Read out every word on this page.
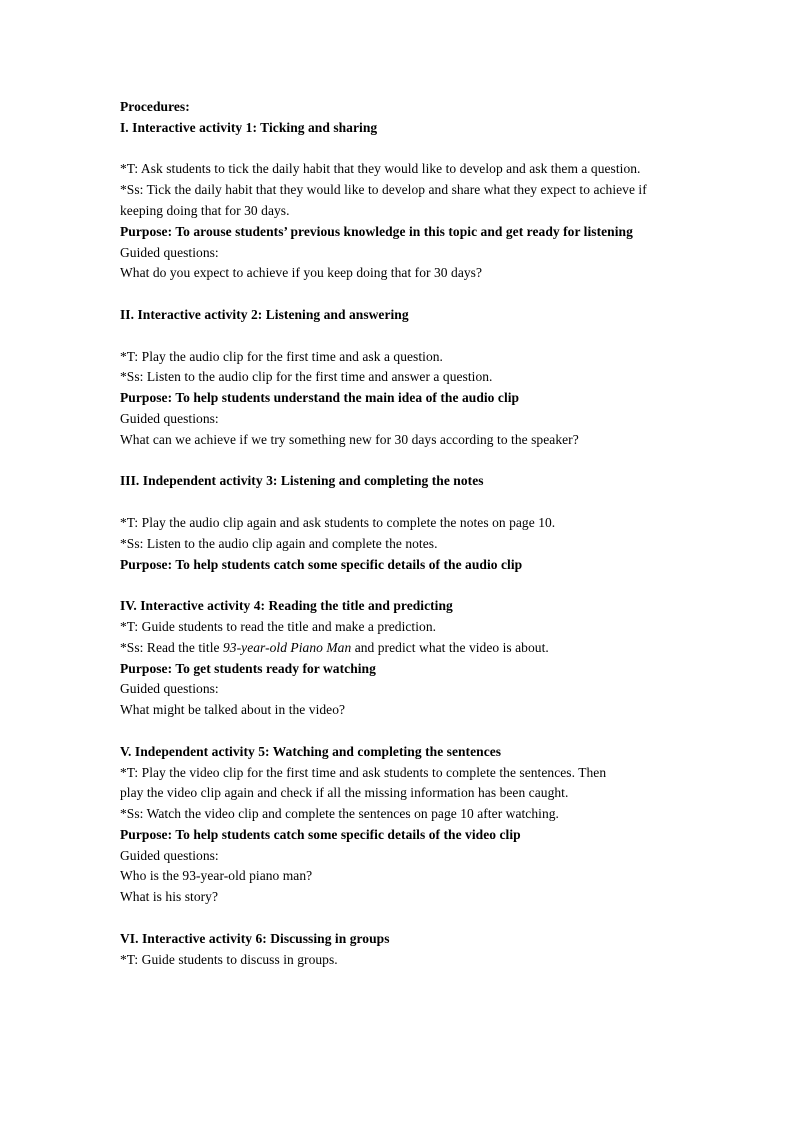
Procedures:
I. Interactive activity 1: Ticking and sharing
*T: Ask students to tick the daily habit that they would like to develop and ask them a question.
*Ss: Tick the daily habit that they would like to develop and share what they expect to achieve if keeping doing that for 30 days.
Purpose: To arouse students’ previous knowledge in this topic and get ready for listening
Guided questions:
What do you expect to achieve if you keep doing that for 30 days?
II. Interactive activity 2: Listening and answering
*T: Play the audio clip for the first time and ask a question.
*Ss: Listen to the audio clip for the first time and answer a question.
Purpose: To help students understand the main idea of the audio clip
Guided questions:
What can we achieve if we try something new for 30 days according to the speaker?
III. Independent activity 3: Listening and completing the notes
*T: Play the audio clip again and ask students to complete the notes on page 10.
*Ss: Listen to the audio clip again and complete the notes.
Purpose: To help students catch some specific details of the audio clip
IV. Interactive activity 4: Reading the title and predicting
*T: Guide students to read the title and make a prediction.
*Ss: Read the title 93-year-old Piano Man and predict what the video is about.
Purpose: To get students ready for watching
Guided questions:
What might be talked about in the video?
V. Independent activity 5: Watching and completing the sentences
*T: Play the video clip for the first time and ask students to complete the sentences. Then
play the video clip again and check if all the missing information has been caught.
*Ss: Watch the video clip and complete the sentences on page 10 after watching.
Purpose: To help students catch some specific details of the video clip
Guided questions:
Who is the 93-year-old piano man?
What is his story?
VI. Interactive activity 6: Discussing in groups
*T: Guide students to discuss in groups.
